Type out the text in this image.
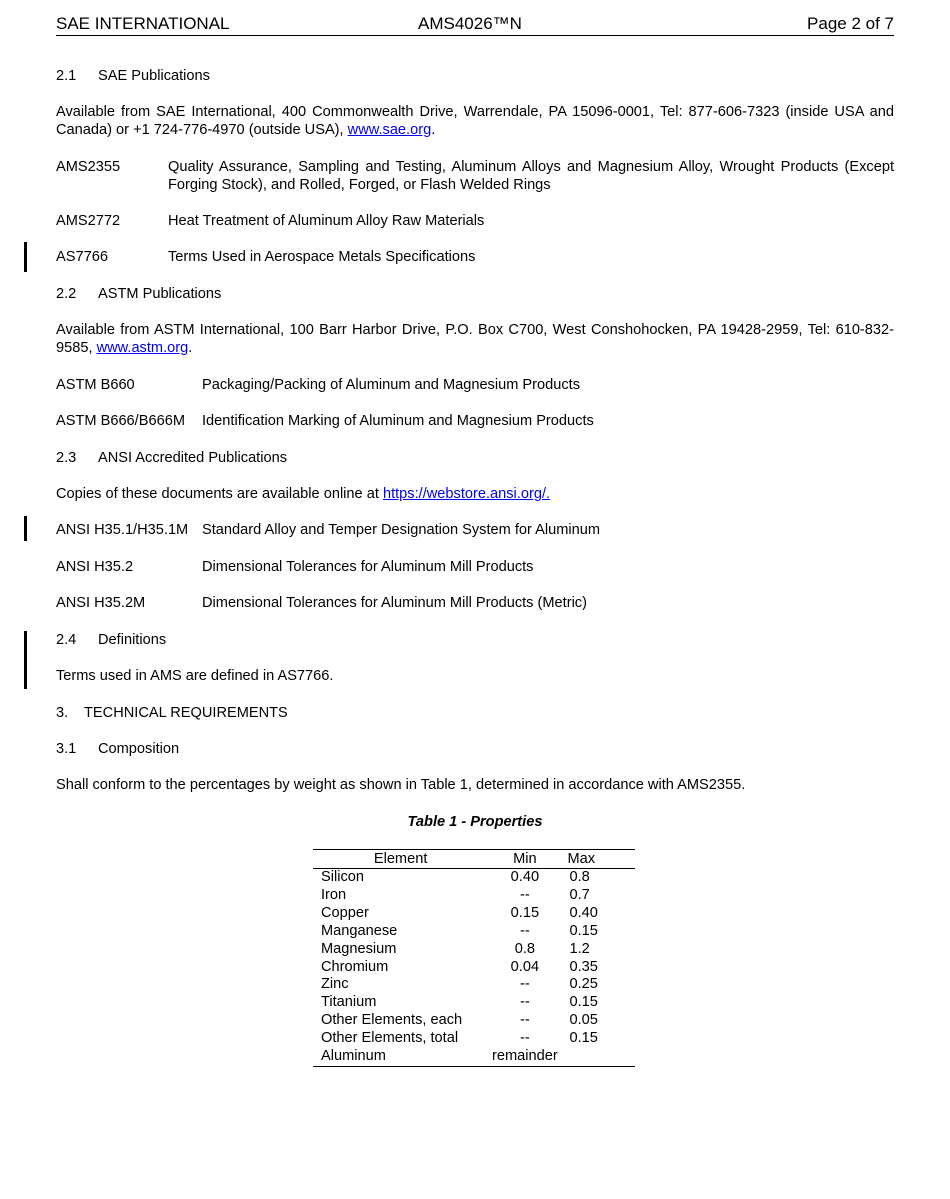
SAE INTERNATIONAL	AMS4026™N	Page 2 of 7
2.1 SAE Publications
Available from SAE International, 400 Commonwealth Drive, Warrendale, PA 15096-0001, Tel: 877-606-7323 (inside USA and Canada) or +1 724-776-4970 (outside USA), www.sae.org.
AMS2355	Quality Assurance, Sampling and Testing, Aluminum Alloys and Magnesium Alloy, Wrought Products (Except Forging Stock), and Rolled, Forged, or Flash Welded Rings
AMS2772	Heat Treatment of Aluminum Alloy Raw Materials
AS7766	Terms Used in Aerospace Metals Specifications
2.2 ASTM Publications
Available from ASTM International, 100 Barr Harbor Drive, P.O. Box C700, West Conshohocken, PA 19428-2959, Tel: 610-832-9585, www.astm.org.
ASTM B660	Packaging/Packing of Aluminum and Magnesium Products
ASTM B666/B666M Identification Marking of Aluminum and Magnesium Products
2.3 ANSI Accredited Publications
Copies of these documents are available online at https://webstore.ansi.org/.
ANSI H35.1/H35.1M Standard Alloy and Temper Designation System for Aluminum
ANSI H35.2	Dimensional Tolerances for Aluminum Mill Products
ANSI H35.2M	Dimensional Tolerances for Aluminum Mill Products (Metric)
2.4 Definitions
Terms used in AMS are defined in AS7766.
3. TECHNICAL REQUIREMENTS
3.1 Composition
Shall conform to the percentages by weight as shown in Table 1, determined in accordance with AMS2355.
Table 1 - Properties
Element	Min	Max
Silicon	0.40	0.8
Iron	--	0.7
Copper	0.15	0.40
Manganese	--	0.15
Magnesium	0.8	1.2
Chromium	0.04	0.35
Zinc	--	0.25
Titanium	--	0.15
Other Elements, each	--	0.05
Other Elements, total	--	0.15
Aluminum	remainder	
